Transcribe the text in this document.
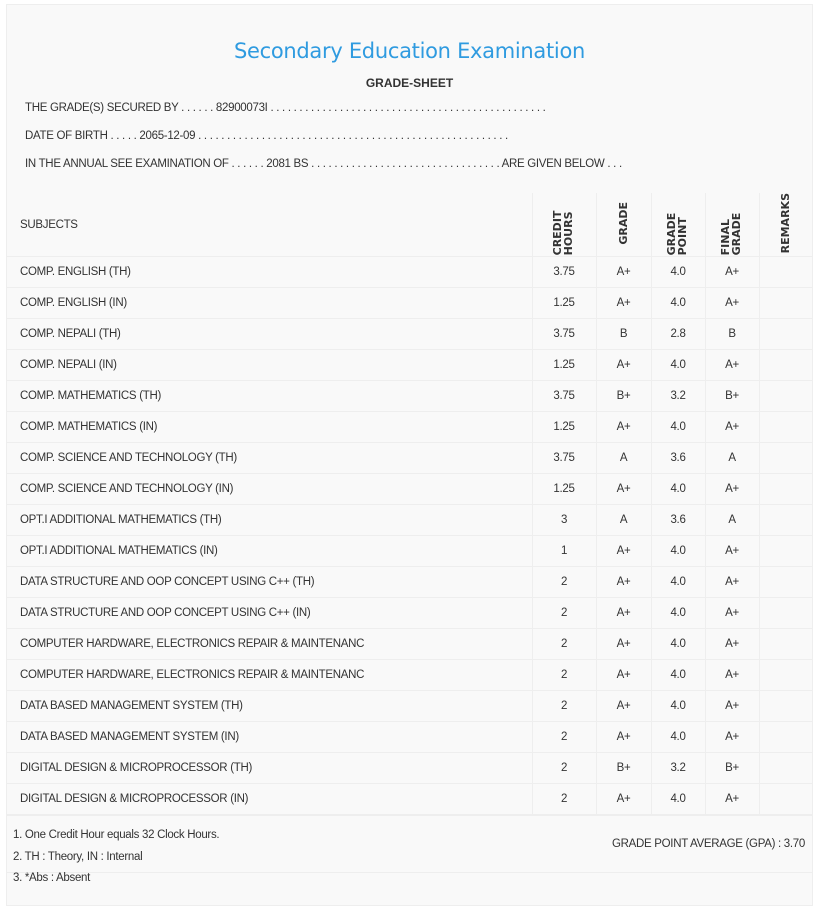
Secondary Education Examination
GRADE-SHEET
THE GRADE(S) SECURED BY . . . . . . 82900073I . . . . . . . . . . . . . . . . . . . . . . . . . . . . . . . . . . . . . . . . . . . . . . . .
DATE OF BIRTH . . . . . 2065-12-09 . . . . . . . . . . . . . . . . . . . . . . . . . . . . . . . . . . . . . . . . . . . . . . . . . . . . . .
IN THE ANNUAL SEE EXAMINATION OF . . . . . . 2081 BS . . . . . . . . . . . . . . . . . . . . . . . . . . . . . . . . . ARE GIVEN BELOW . . .
SUBJECTS	CREDIT HOURS	GRADE	GRADE POINT	FINAL GRADE	REMARKS
COMP. ENGLISH (TH)	3.75	A+	4.0	A+	
COMP. ENGLISH (IN)	1.25	A+	4.0	A+	
COMP. NEPALI (TH)	3.75	B	2.8	B	
COMP. NEPALI (IN)	1.25	A+	4.0	A+	
COMP. MATHEMATICS (TH)	3.75	B+	3.2	B+	
COMP. MATHEMATICS (IN)	1.25	A+	4.0	A+	
COMP. SCIENCE AND TECHNOLOGY (TH)	3.75	A	3.6	A	
COMP. SCIENCE AND TECHNOLOGY (IN)	1.25	A+	4.0	A+	
OPT.I ADDITIONAL MATHEMATICS (TH)	3	A	3.6	A	
OPT.I ADDITIONAL MATHEMATICS (IN)	1	A+	4.0	A+	
DATA STRUCTURE AND OOP CONCEPT USING C++ (TH)	2	A+	4.0	A+	
DATA STRUCTURE AND OOP CONCEPT USING C++ (IN)	2	A+	4.0	A+	
COMPUTER HARDWARE, ELECTRONICS REPAIR & MAINTENANC	2	A+	4.0	A+	
COMPUTER HARDWARE, ELECTRONICS REPAIR & MAINTENANC	2	A+	4.0	A+	
DATA BASED MANAGEMENT SYSTEM (TH)	2	A+	4.0	A+	
DATA BASED MANAGEMENT SYSTEM (IN)	2	A+	4.0	A+	
DIGITAL DESIGN & MICROPROCESSOR (TH)	2	B+	3.2	B+	
DIGITAL DESIGN & MICROPROCESSOR (IN)	2	A+	4.0	A+	
GRADE POINT AVERAGE (GPA) : 3.70					
1. One Credit Hour equals 32 Clock Hours.
2. TH : Theory, IN : Internal
3. *Abs : Absent
